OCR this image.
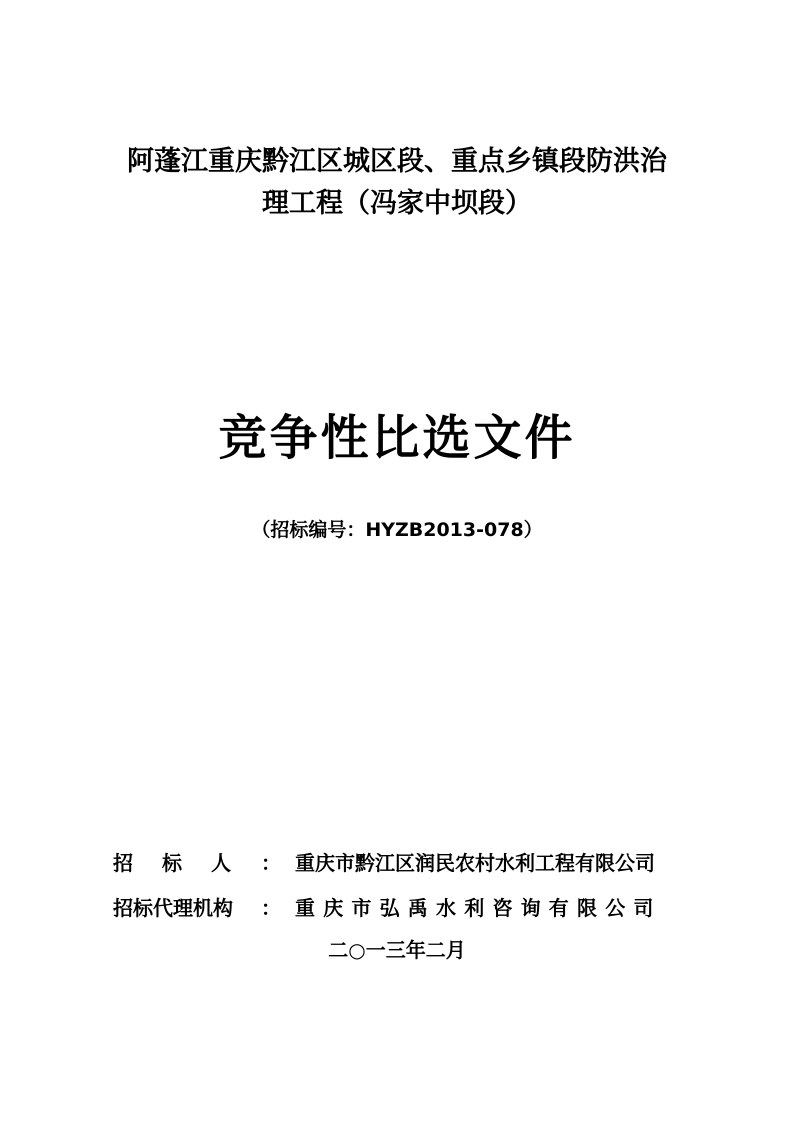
阿蓬江重庆黔江区城区段、重点乡镇段防洪治
理工程（冯家中坝段）
竞争性比选文件
（招标编号：HYZB2013-078）
招标人 ： 重庆市黔江区润民农村水利工程有限公司
招标代理机构 ： 重庆市弘禹水利咨询有限公司
二○一三年二月
